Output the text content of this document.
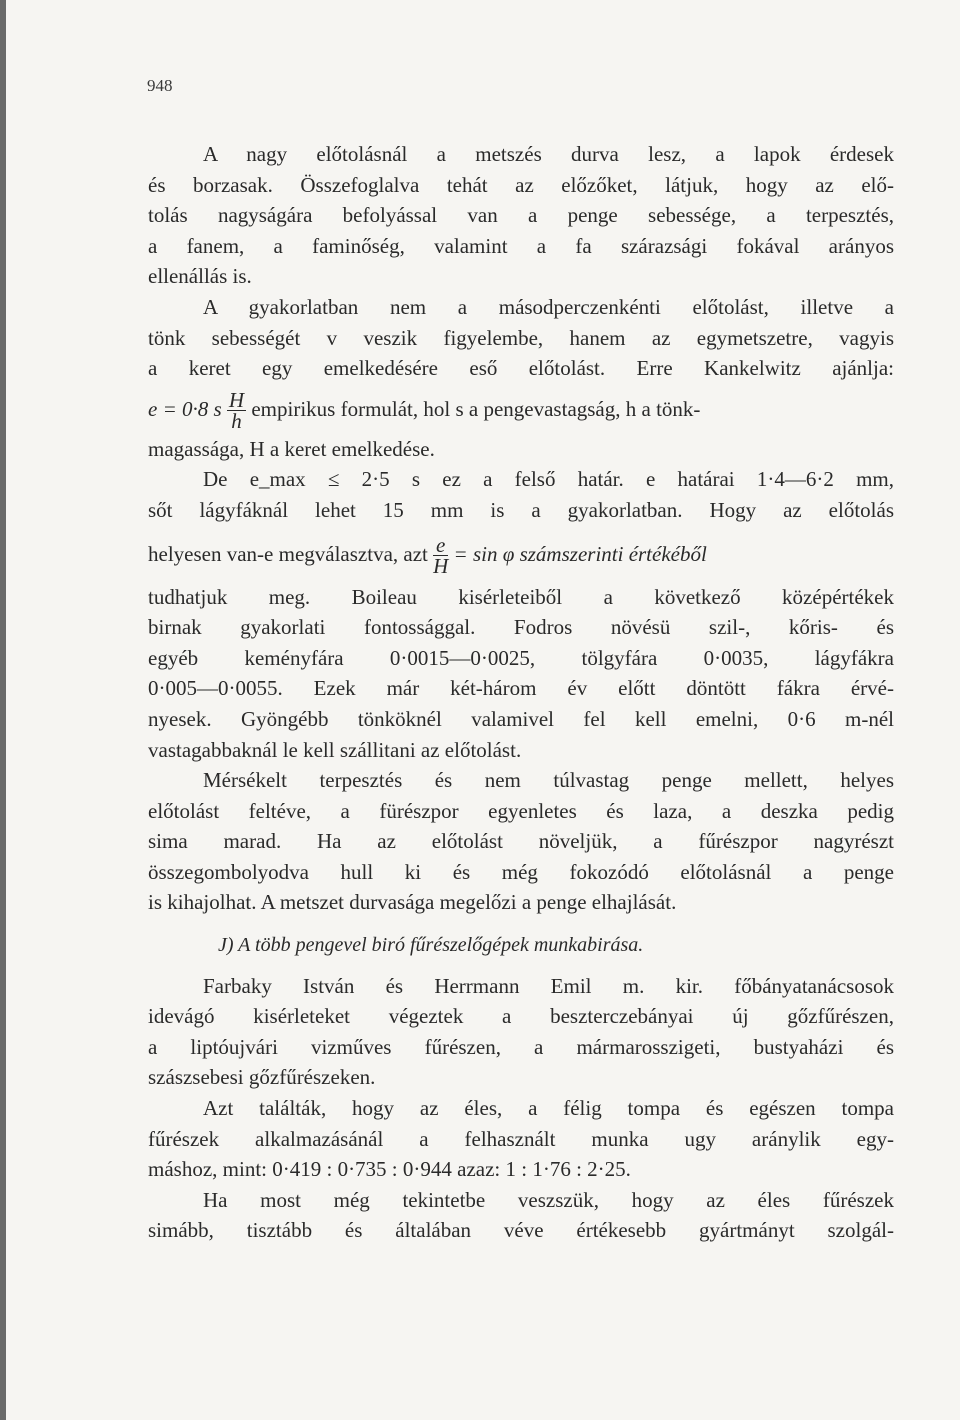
948

A nagy előtolásnál a metszés durva lesz, a lapok érdesek
és borzasak. Összefoglalva tehát az előzőket, látjuk, hogy az elő-
tolás nagyságára befolyással van a penge sebessége, a terpesztés,
a fanem, a faminőség, valamint a fa szárazsági fokával arányos
ellenállás is.

A gyakorlatban nem a másodperczenkénti előtolást, illetve a
tönk sebességét v veszik figyelembe, hanem az egymetszetre, vagyis
a keret egy emelkedésére eső előtolást. Erre Kankelwitz ajánlja:

e = 0·8 s $\frac{H}{h}$ empirikus formulát, hol s a pengevastagság, h a tönk-

magassága, H a keret emelkedése.

De e_max ≤ 2·5 s ez a felső határ. e határai 1·4—6·2 mm,
sőt lágyfáknál lehet 15 mm is a gyakorlatban. Hogy az előtolás

helyesen van-e megválasztva, azt $\frac{e}{H} = \sin \varphi$ számszerinti értékéből

tudhatjuk meg. Boileau kisérleteiből a következő középértékek
birnak gyakorlati fontossággal. Fodros növésü szil-, kőris- és
egyéb keményfára 0·0015—0·0025, tölgyfára 0·0035, lágyfákra
0·005—0·0055. Ezek már két-három év előtt döntött fákra érvé-
nyesek. Gyöngébb tönköknél valamivel fel kell emelni, 0·6 m-nél
vastagabbaknál le kell szállitani az előtolást.

Mérsékelt terpesztés és nem túlvastag penge mellett, helyes
előtolást feltéve, a fürészpor egyenletes és laza, a deszka pedig
sima marad. Ha az előtolást növeljük, a fűrészpor nagyrészt
összegombolyodva hull ki és még fokozódó előtolásnál a penge
is kihajolhat. A metszet durvasága megelőzi a penge elhajlását.

J) A több pengevel biró fűrészelőgépek munkabirása.

Farbaky István és Herrmann Emil m. kir. főbányatanácsosok
idevágó kisérleteket végeztek a beszterczebányai új gőzfűrészen,
a liptóujvári vizműves fűrészen, a mármarosszigeti, bustyaházi és
szászsebesi gőzfűrészeken.

Azt találták, hogy az éles, a félig tompa és egészen tompa
fűrészek alkalmazásánál a felhasznált munka ugy aránylik egy-
máshoz, mint: 0·419 : 0·735 : 0·944 azaz: 1 : 1·76 : 2·25.

Ha most még tekintetbe veszszük, hogy az éles fűrészek
simább, tisztább és általában véve értékesebb gyártmányt szolgál-
